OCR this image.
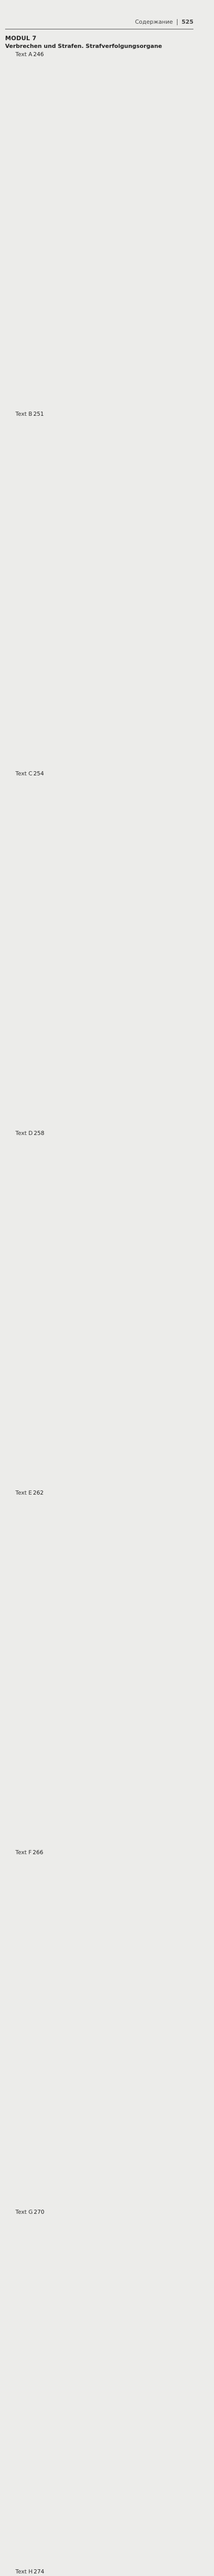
Содержание 525
MODUL 7
Verbrechen und Strafen. Strafverfolgungsorgane
Text A 246
Text B 251
Text C 254
Text D 258
Text E 262
Text F 266
Text G 270
Text H 274
